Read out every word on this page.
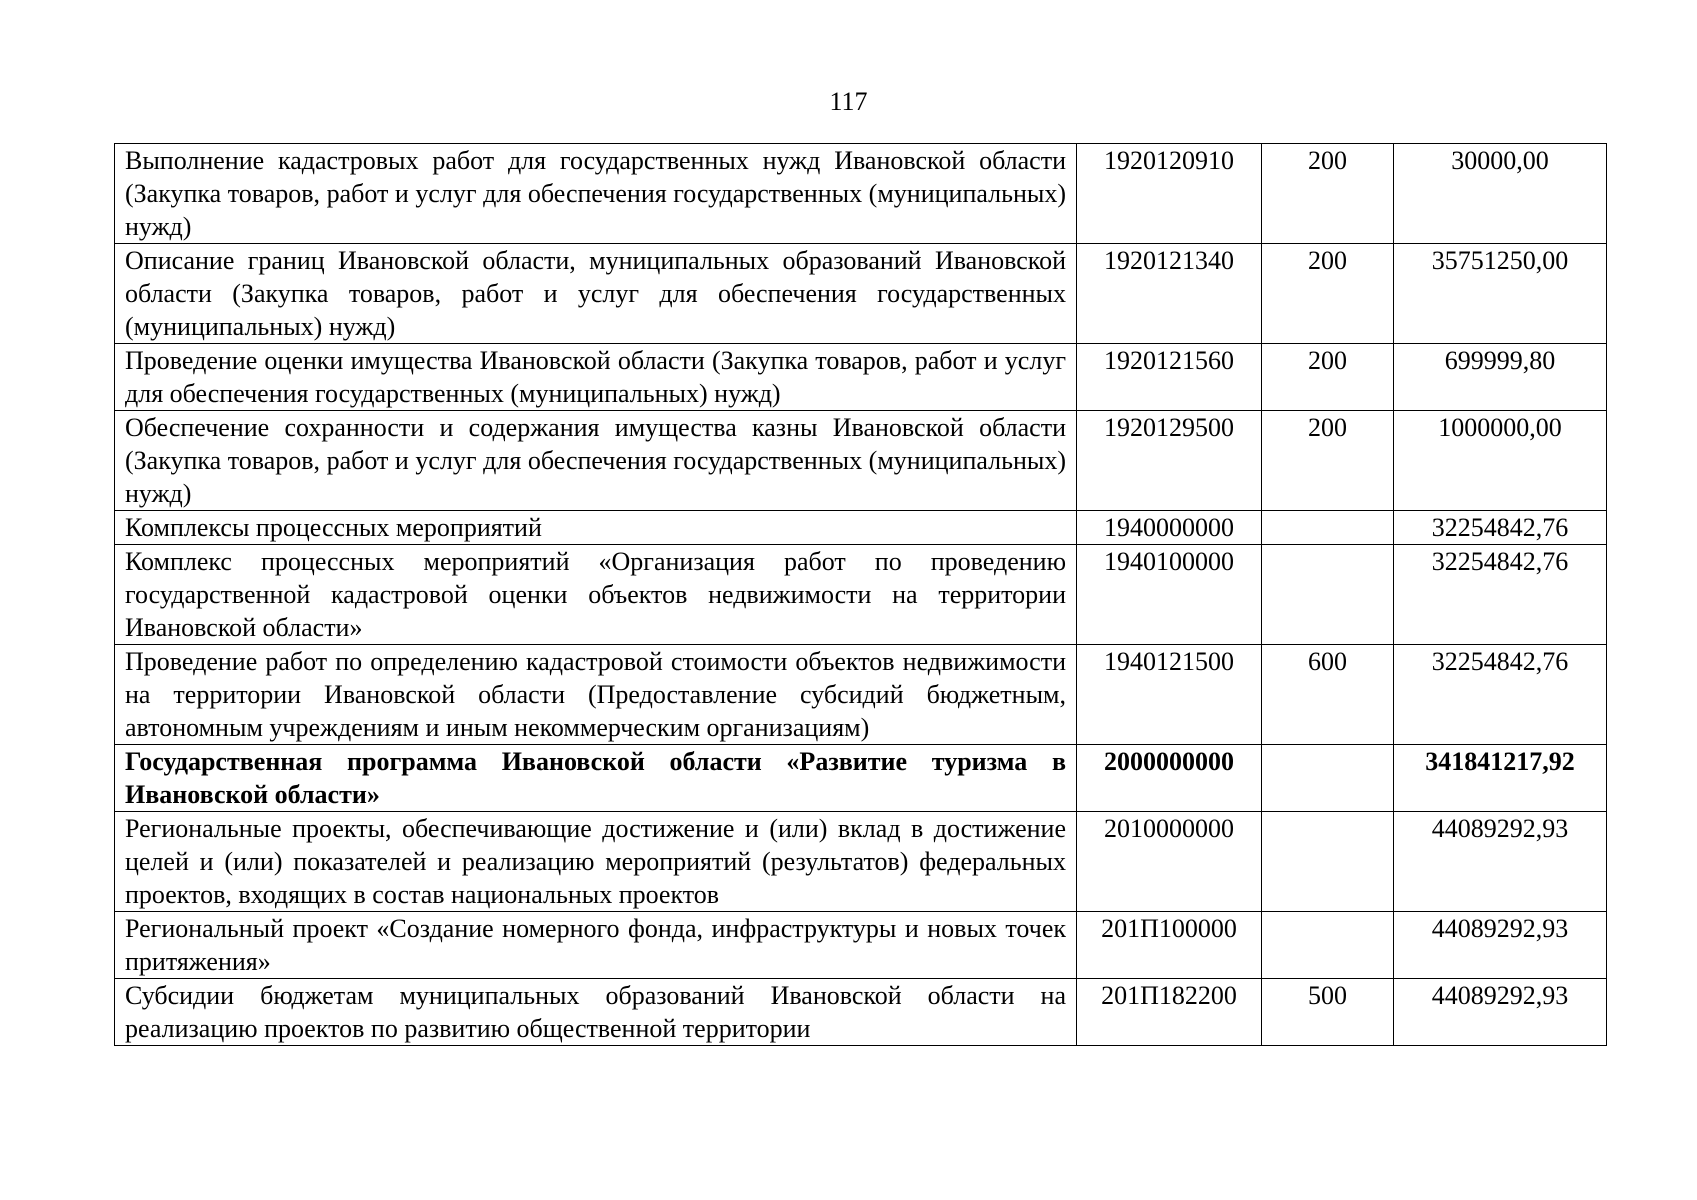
117
Выполнение кадастровых работ для государственных нужд Ивановской области (Закупка товаров, работ и услуг для обеспечения государственных (муниципальных) нужд)	1920120910	200	30000,00
Описание границ Ивановской области, муниципальных образований Ивановской области (Закупка товаров, работ и услуг для обеспечения государственных (муниципальных) нужд)	1920121340	200	35751250,00
Проведение оценки имущества Ивановской области (Закупка товаров, работ и услуг для обеспечения государственных (муниципальных) нужд)	1920121560	200	699999,80
Обеспечение сохранности и содержания имущества казны Ивановской области (Закупка товаров, работ и услуг для обеспечения государственных (муниципальных) нужд)	1920129500	200	1000000,00
Комплексы процессных мероприятий	1940000000		32254842,76
Комплекс процессных мероприятий «Организация работ по проведению государственной кадастровой оценки объектов недвижимости на территории Ивановской области»	1940100000		32254842,76
Проведение работ по определению кадастровой стоимости объектов недвижимости на территории Ивановской области (Предоставление субсидий бюджетным, автономным учреждениям и иным некоммерческим организациям)	1940121500	600	32254842,76
Государственная программа Ивановской области «Развитие туризма в Ивановской области»	2000000000		341841217,92
Региональные проекты, обеспечивающие достижение и (или) вклад в достижение целей и (или) показателей и реализацию мероприятий (результатов) федеральных проектов, входящих в состав национальных проектов	2010000000		44089292,93
Региональный проект «Создание номерного фонда, инфраструктуры и новых точек притяжения»	201П100000		44089292,93
Субсидии бюджетам муниципальных образований Ивановской области на реализацию проектов по развитию общественной территории	201П182200	500	44089292,93
